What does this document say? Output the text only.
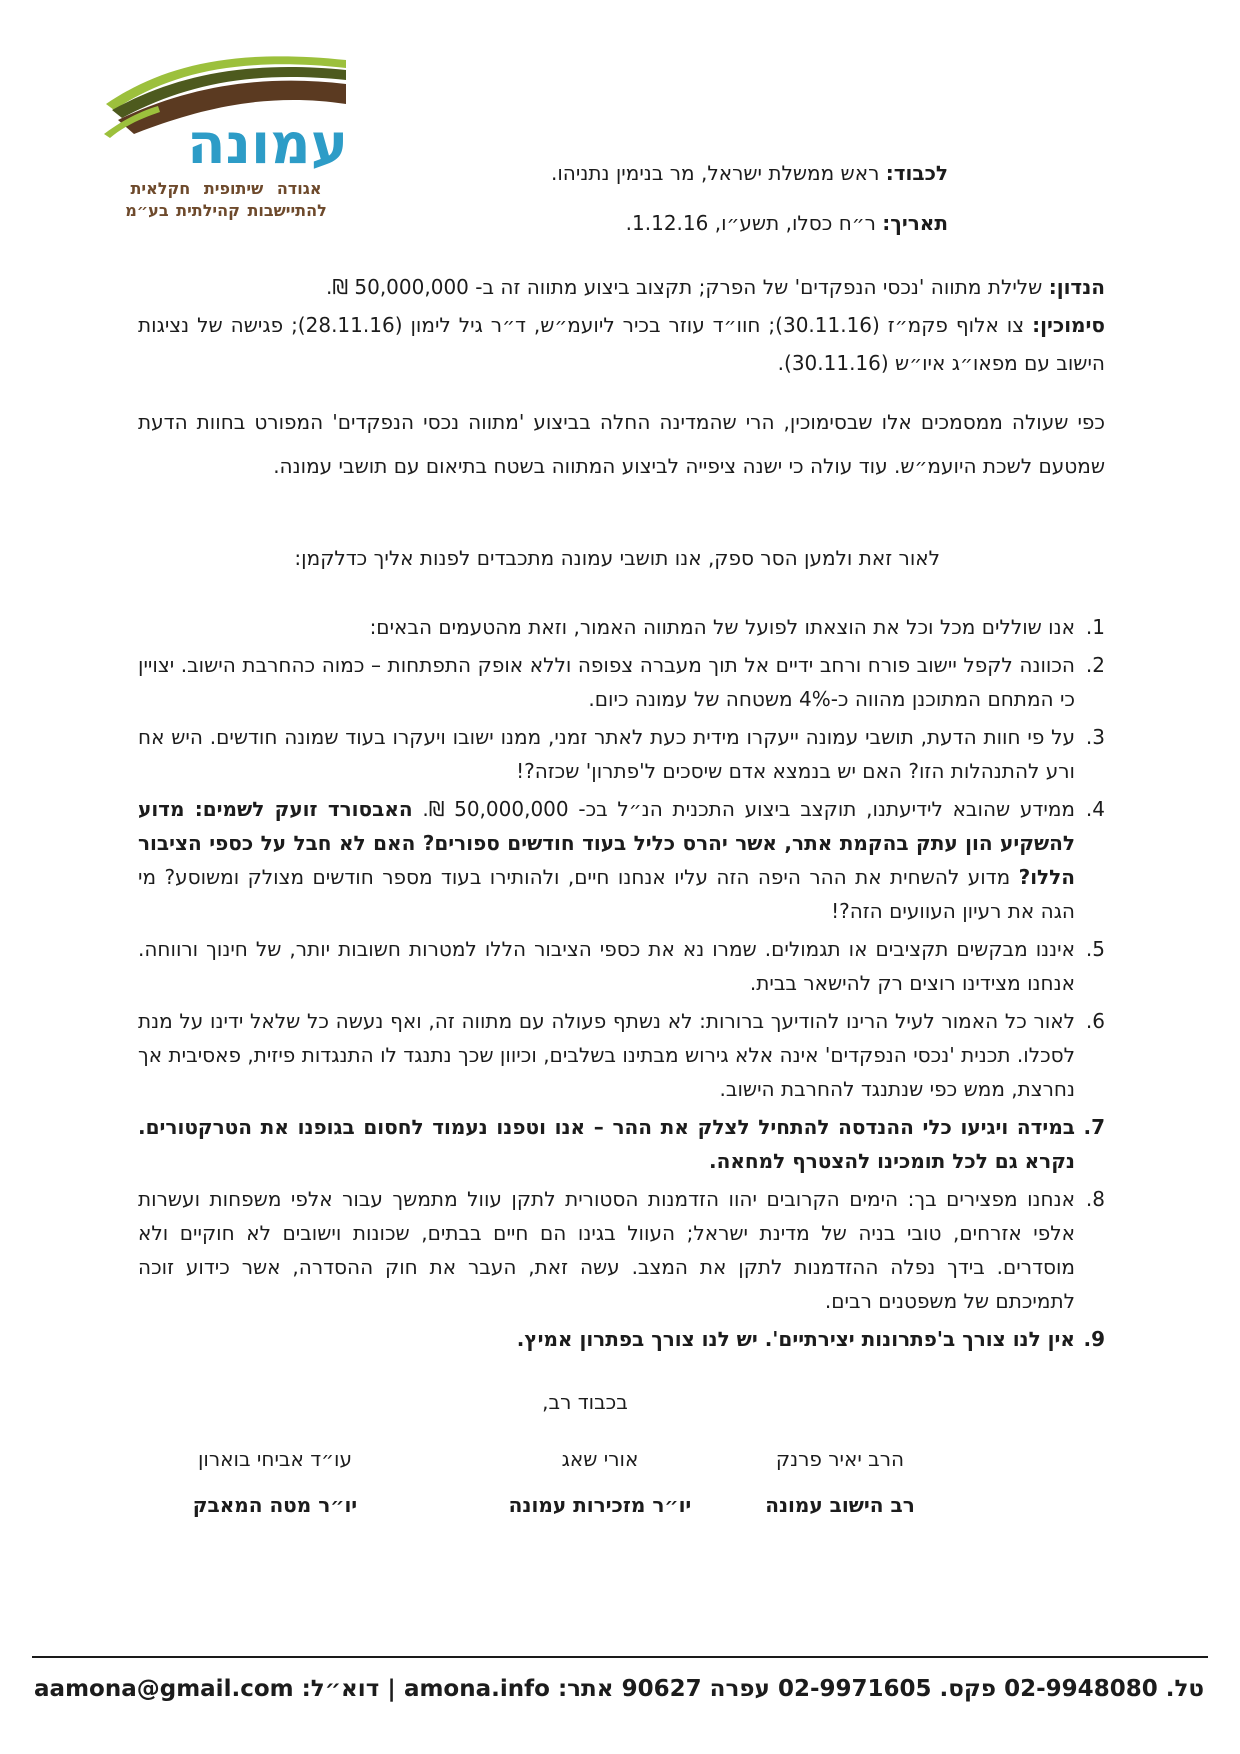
עמונה
אגודה שיתופית חקלאית
להתיישבות קהילתית בע״מ

לכבוד: ראש ממשלת ישראל, מר בנימין נתניהו.

תאריך: ר״ח כסלו, תשע״ו, 1.12.16.

הנדון: שלילת מתווה 'נכסי הנפקדים' של הפרק; תקצוב ביצוע מתווה זה ב- 50,000,000 ₪.

סימוכין: צו אלוף פקמ״ז (30.11.16); חוו״ד עוזר בכיר ליועמ״ש, ד״ר גיל לימון (28.11.16); פגישה של נציגות הישוב עם מפאו״ג איו״ש (30.11.16).

כפי שעולה ממסמכים אלו שבסימוכין, הרי שהמדינה החלה בביצוע 'מתווה נכסי הנפקדים' המפורט בחוות הדעת שמטעם לשכת היועמ״ש. עוד עולה כי ישנה ציפייה לביצוע המתווה בשטח בתיאום עם תושבי עמונה.

לאור זאת ולמען הסר ספק, אנו תושבי עמונה מתכבדים לפנות אליך כדלקמן:

1.

אנו שוללים מכל וכל את הוצאתו לפועל של המתווה האמור, וזאת מהטעמים הבאים:

2.

הכוונה לקפל יישוב פורח ורחב ידיים אל תוך מעברה צפופה וללא אופק התפתחות – כמוה כהחרבת הישוב. יצויין כי המתחם המתוכנן מהווה כ-4% משטחה של עמונה כיום.

3.

על פי חוות הדעת, תושבי עמונה ייעקרו מידית כעת לאתר זמני, ממנו ישובו ויעקרו בעוד שמונה חודשים. היש אח ורע להתנהלות הזו? האם יש בנמצא אדם שיסכים ל'פתרון' שכזה?!

4.

ממידע שהובא לידיעתנו, תוקצב ביצוע התכנית הנ״ל בכ- 50,000,000 ₪. האבסורד זועק לשמים: מדוע להשקיע הון עתק בהקמת אתר, אשר יהרס כליל בעוד חודשים ספורים? האם לא חבל על כספי הציבור הללו? מדוע להשחית את ההר היפה הזה עליו אנחנו חיים, ולהותירו בעוד מספר חודשים מצולק ומשוסע? מי הגה את רעיון העוועים הזה?!

5.

איננו מבקשים תקציבים או תגמולים. שמרו נא את כספי הציבור הללו למטרות חשובות יותר, של חינוך ורווחה. אנחנו מצידינו רוצים רק להישאר בבית.

6.

לאור כל האמור לעיל הרינו להודיעך ברורות: לא נשתף פעולה עם מתווה זה, ואף נעשה כל שלאל ידינו על מנת לסכלו. תכנית 'נכסי הנפקדים' אינה אלא גירוש מבתינו בשלבים, וכיוון שכך נתנגד לו התנגדות פיזית, פאסיבית אך נחרצת, ממש כפי שנתנגד להחרבת הישוב.

7.

במידה ויגיעו כלי ההנדסה להתחיל לצלק את ההר – אנו וטפנו נעמוד לחסום בגופנו את הטרקטורים. נקרא גם לכל תומכינו להצטרף למחאה.

8.

אנחנו מפצירים בך: הימים הקרובים יהוו הזדמנות הסטורית לתקן עוול מתמשך עבור אלפי משפחות ועשרות אלפי אזרחים, טובי בניה של מדינת ישראל; העוול בגינו הם חיים בבתים, שכונות וישובים לא חוקיים ולא מוסדרים. בידך נפלה ההזדמנות לתקן את המצב. עשה זאת, העבר את חוק ההסדרה, אשר כידוע זוכה לתמיכתם של משפטנים רבים.

9.

אין לנו צורך ב'פתרונות יצירתיים'. יש לנו צורך בפתרון אמיץ.

בכבוד רב,

הרב יאיר פרנק
רב הישוב עמונה
אורי שאג
יו״ר מזכירות עמונה
עו״ד אביחי בוארון
יו״ר מטה המאבק
טל. 02-9948080
פקס. 02-9971605
עפרה 90627
אתר: amona.info
|
דוא״ל: aamona@gmail.com
